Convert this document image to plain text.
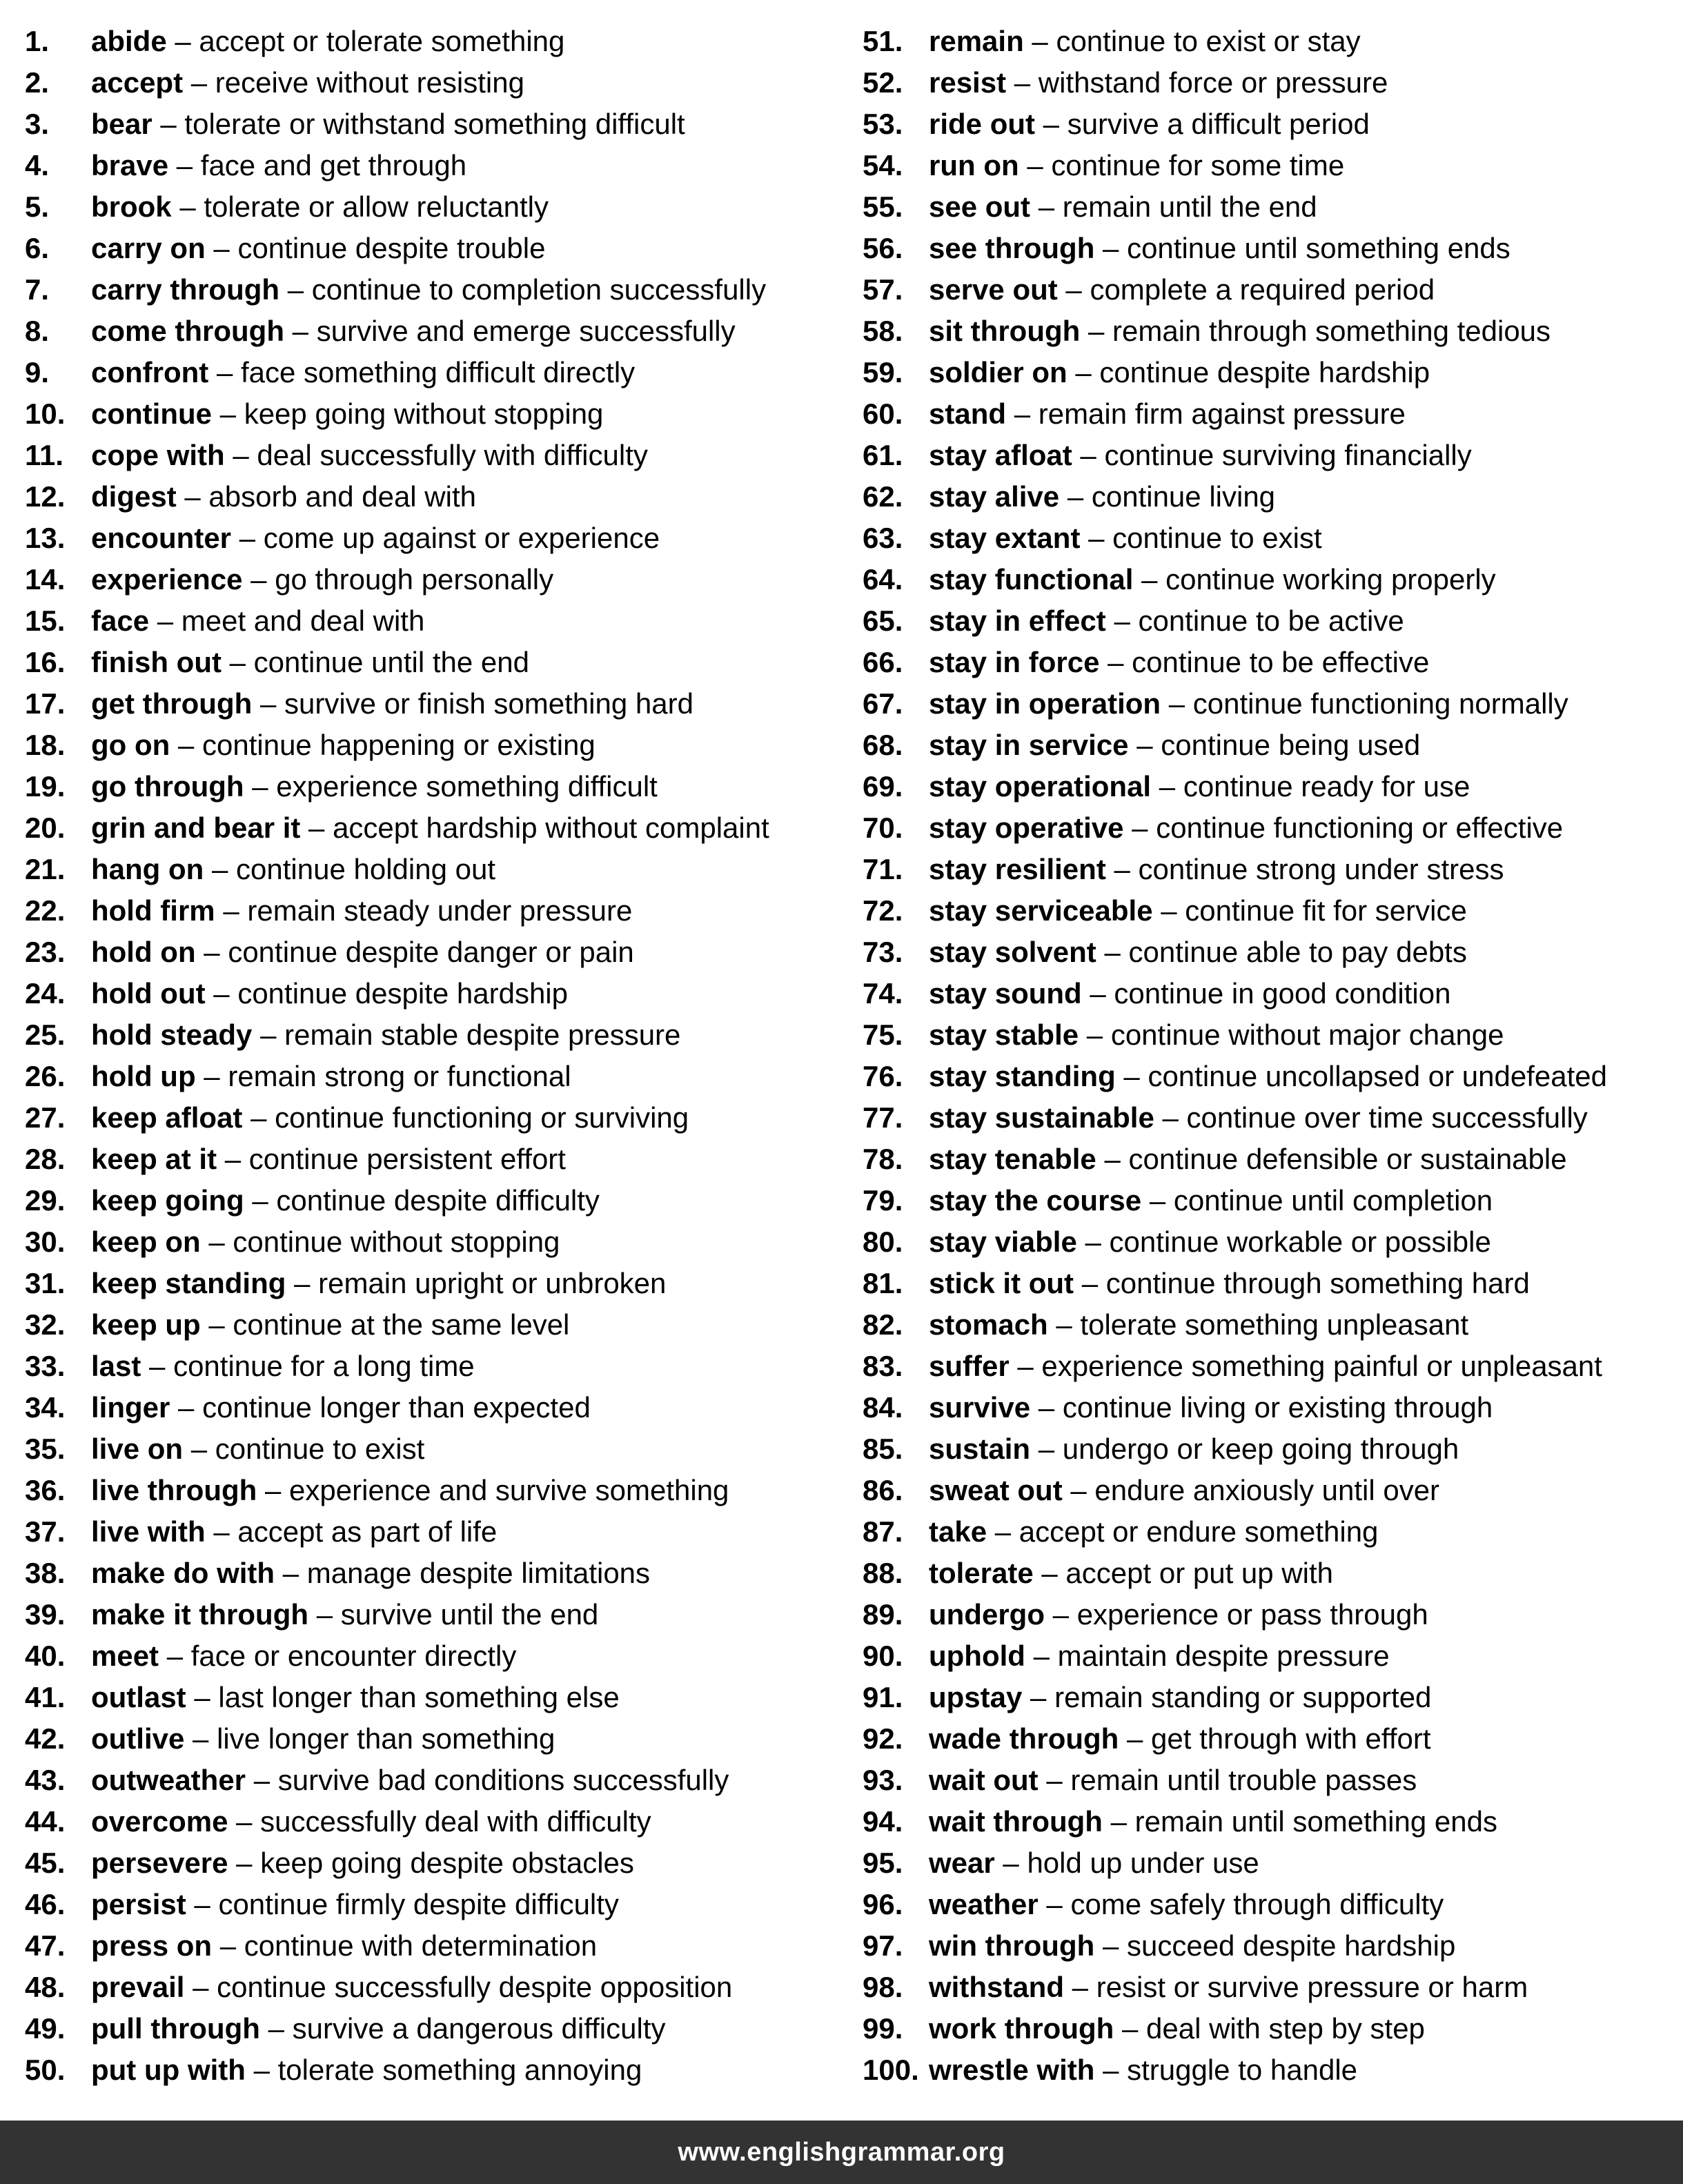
1.	abide – accept or tolerate something
2.	accept – receive without resisting
3.	bear – tolerate or withstand something difficult
4.	brave – face and get through
5.	brook – tolerate or allow reluctantly
6.	carry on – continue despite trouble
7.	carry through – continue to completion successfully
8.	come through – survive and emerge successfully
9.	confront – face something difficult directly
10. continue – keep going without stopping
11. cope with – deal successfully with difficulty
12. digest – absorb and deal with
13. encounter – come up against or experience
14. experience – go through personally
15. face – meet and deal with
16. finish out – continue until the end
17. get through – survive or finish something hard
18. go on – continue happening or existing
19. go through – experience something difficult
20. grin and bear it – accept hardship without complaint
21. hang on – continue holding out
22. hold firm – remain steady under pressure
23. hold on – continue despite danger or pain
24. hold out – continue despite hardship
25. hold steady – remain stable despite pressure
26. hold up – remain strong or functional
27. keep afloat – continue functioning or surviving
28. keep at it – continue persistent effort
29. keep going – continue despite difficulty
30. keep on – continue without stopping
31. keep standing – remain upright or unbroken
32. keep up – continue at the same level
33. last – continue for a long time
34. linger – continue longer than expected
35. live on – continue to exist
36. live through – experience and survive something
37. live with – accept as part of life
38. make do with – manage despite limitations
39. make it through – survive until the end
40. meet – face or encounter directly
41. outlast – last longer than something else
42. outlive – live longer than something
43. outweather – survive bad conditions successfully
44. overcome – successfully deal with difficulty
45. persevere – keep going despite obstacles
46. persist – continue firmly despite difficulty
47. press on – continue with determination
48. prevail – continue successfully despite opposition
49. pull through – survive a dangerous difficulty
50. put up with – tolerate something annoying
51. remain – continue to exist or stay
52. resist – withstand force or pressure
53. ride out – survive a difficult period
54. run on – continue for some time
55. see out – remain until the end
56. see through – continue until something ends
57. serve out – complete a required period
58. sit through – remain through something tedious
59. soldier on – continue despite hardship
60. stand – remain firm against pressure
61. stay afloat – continue surviving financially
62. stay alive – continue living
63. stay extant – continue to exist
64. stay functional – continue working properly
65. stay in effect – continue to be active
66. stay in force – continue to be effective
67. stay in operation – continue functioning normally
68. stay in service – continue being used
69. stay operational – continue ready for use
70. stay operative – continue functioning or effective
71. stay resilient – continue strong under stress
72. stay serviceable – continue fit for service
73. stay solvent – continue able to pay debts
74. stay sound – continue in good condition
75. stay stable – continue without major change
76. stay standing – continue uncollapsed or undefeated
77. stay sustainable – continue over time successfully
78. stay tenable – continue defensible or sustainable
79. stay the course – continue until completion
80. stay viable – continue workable or possible
81. stick it out – continue through something hard
82. stomach – tolerate something unpleasant
83. suffer – experience something painful or unpleasant
84. survive – continue living or existing through
85. sustain – undergo or keep going through
86. sweat out – endure anxiously until over
87. take – accept or endure something
88. tolerate – accept or put up with
89. undergo – experience or pass through
90. uphold – maintain despite pressure
91. upstay – remain standing or supported
92. wade through – get through with effort
93. wait out – remain until trouble passes
94. wait through – remain until something ends
95. wear – hold up under use
96. weather – come safely through difficulty
97. win through – succeed despite hardship
98. withstand – resist or survive pressure or harm
99. work through – deal with step by step
100. wrestle with – struggle to handle
www.englishgrammar.org
